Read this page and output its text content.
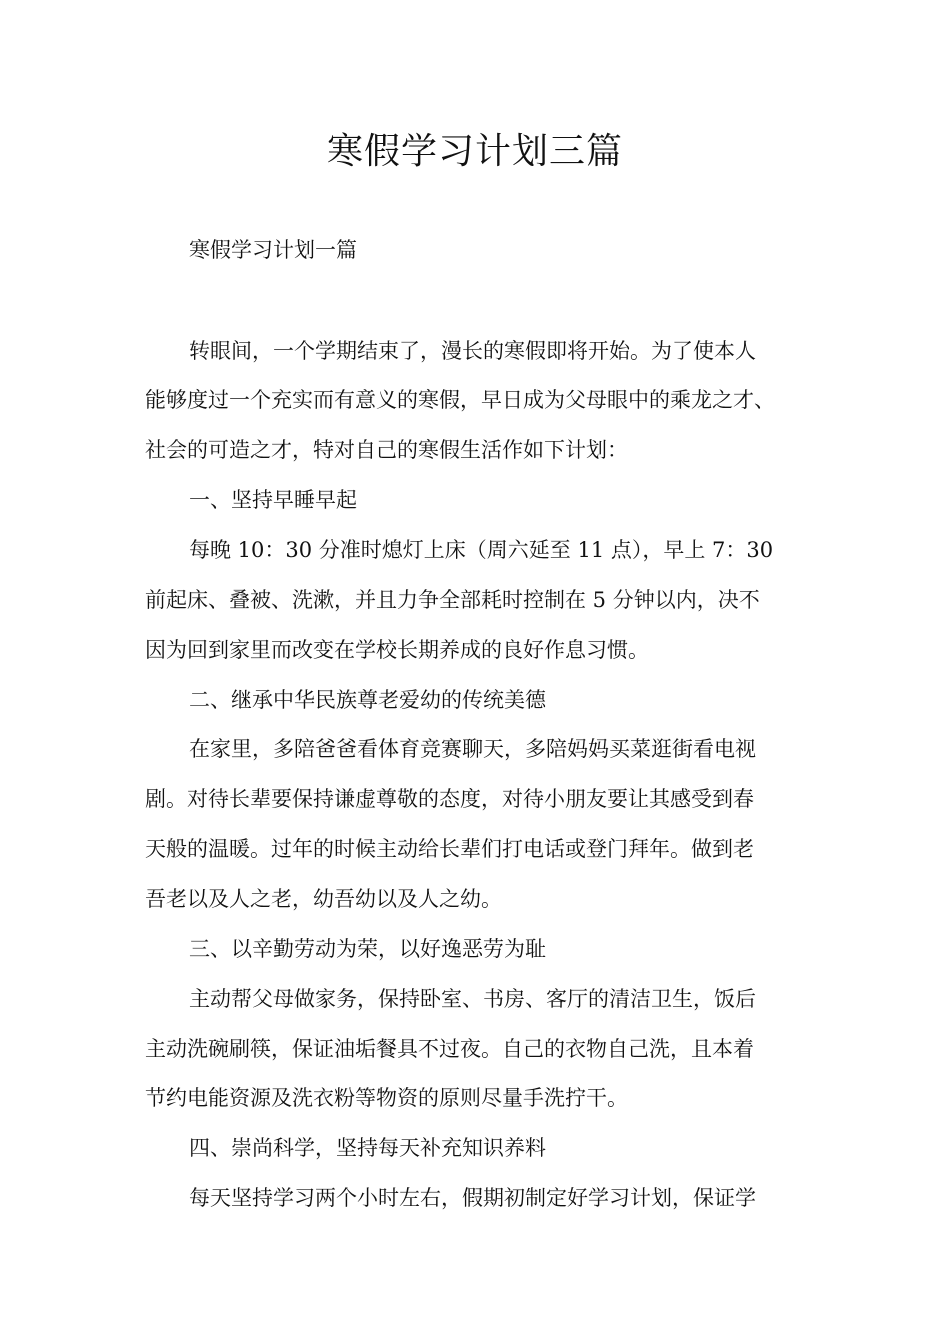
寒假学习计划三篇

寒假学习计划一篇

转眼间，一个学期结束了，漫长的寒假即将开始。为了使本人

能够度过一个充实而有意义的寒假，早日成为父母眼中的乘龙之才、

社会的可造之才，特对自己的寒假生活作如下计划：

一、坚持早睡早起

每晚 10：30 分准时熄灯上床（周六延至 11 点），早上 7：30

前起床、叠被、洗漱，并且力争全部耗时控制在 5 分钟以内，决不

因为回到家里而改变在学校长期养成的良好作息习惯。

二、继承中华民族尊老爱幼的传统美德

在家里，多陪爸爸看体育竞赛聊天，多陪妈妈买菜逛街看电视

剧。对待长辈要保持谦虚尊敬的态度，对待小朋友要让其感受到春

天般的温暖。过年的时候主动给长辈们打电话或登门拜年。做到老

吾老以及人之老，幼吾幼以及人之幼。

三、以辛勤劳动为荣，以好逸恶劳为耻

主动帮父母做家务，保持卧室、书房、客厅的清洁卫生，饭后

主动洗碗刷筷，保证油垢餐具不过夜。自己的衣物自己洗，且本着

节约电能资源及洗衣粉等物资的原则尽量手洗拧干。

四、崇尚科学，坚持每天补充知识养料

每天坚持学习两个小时左右，假期初制定好学习计划，保证学
